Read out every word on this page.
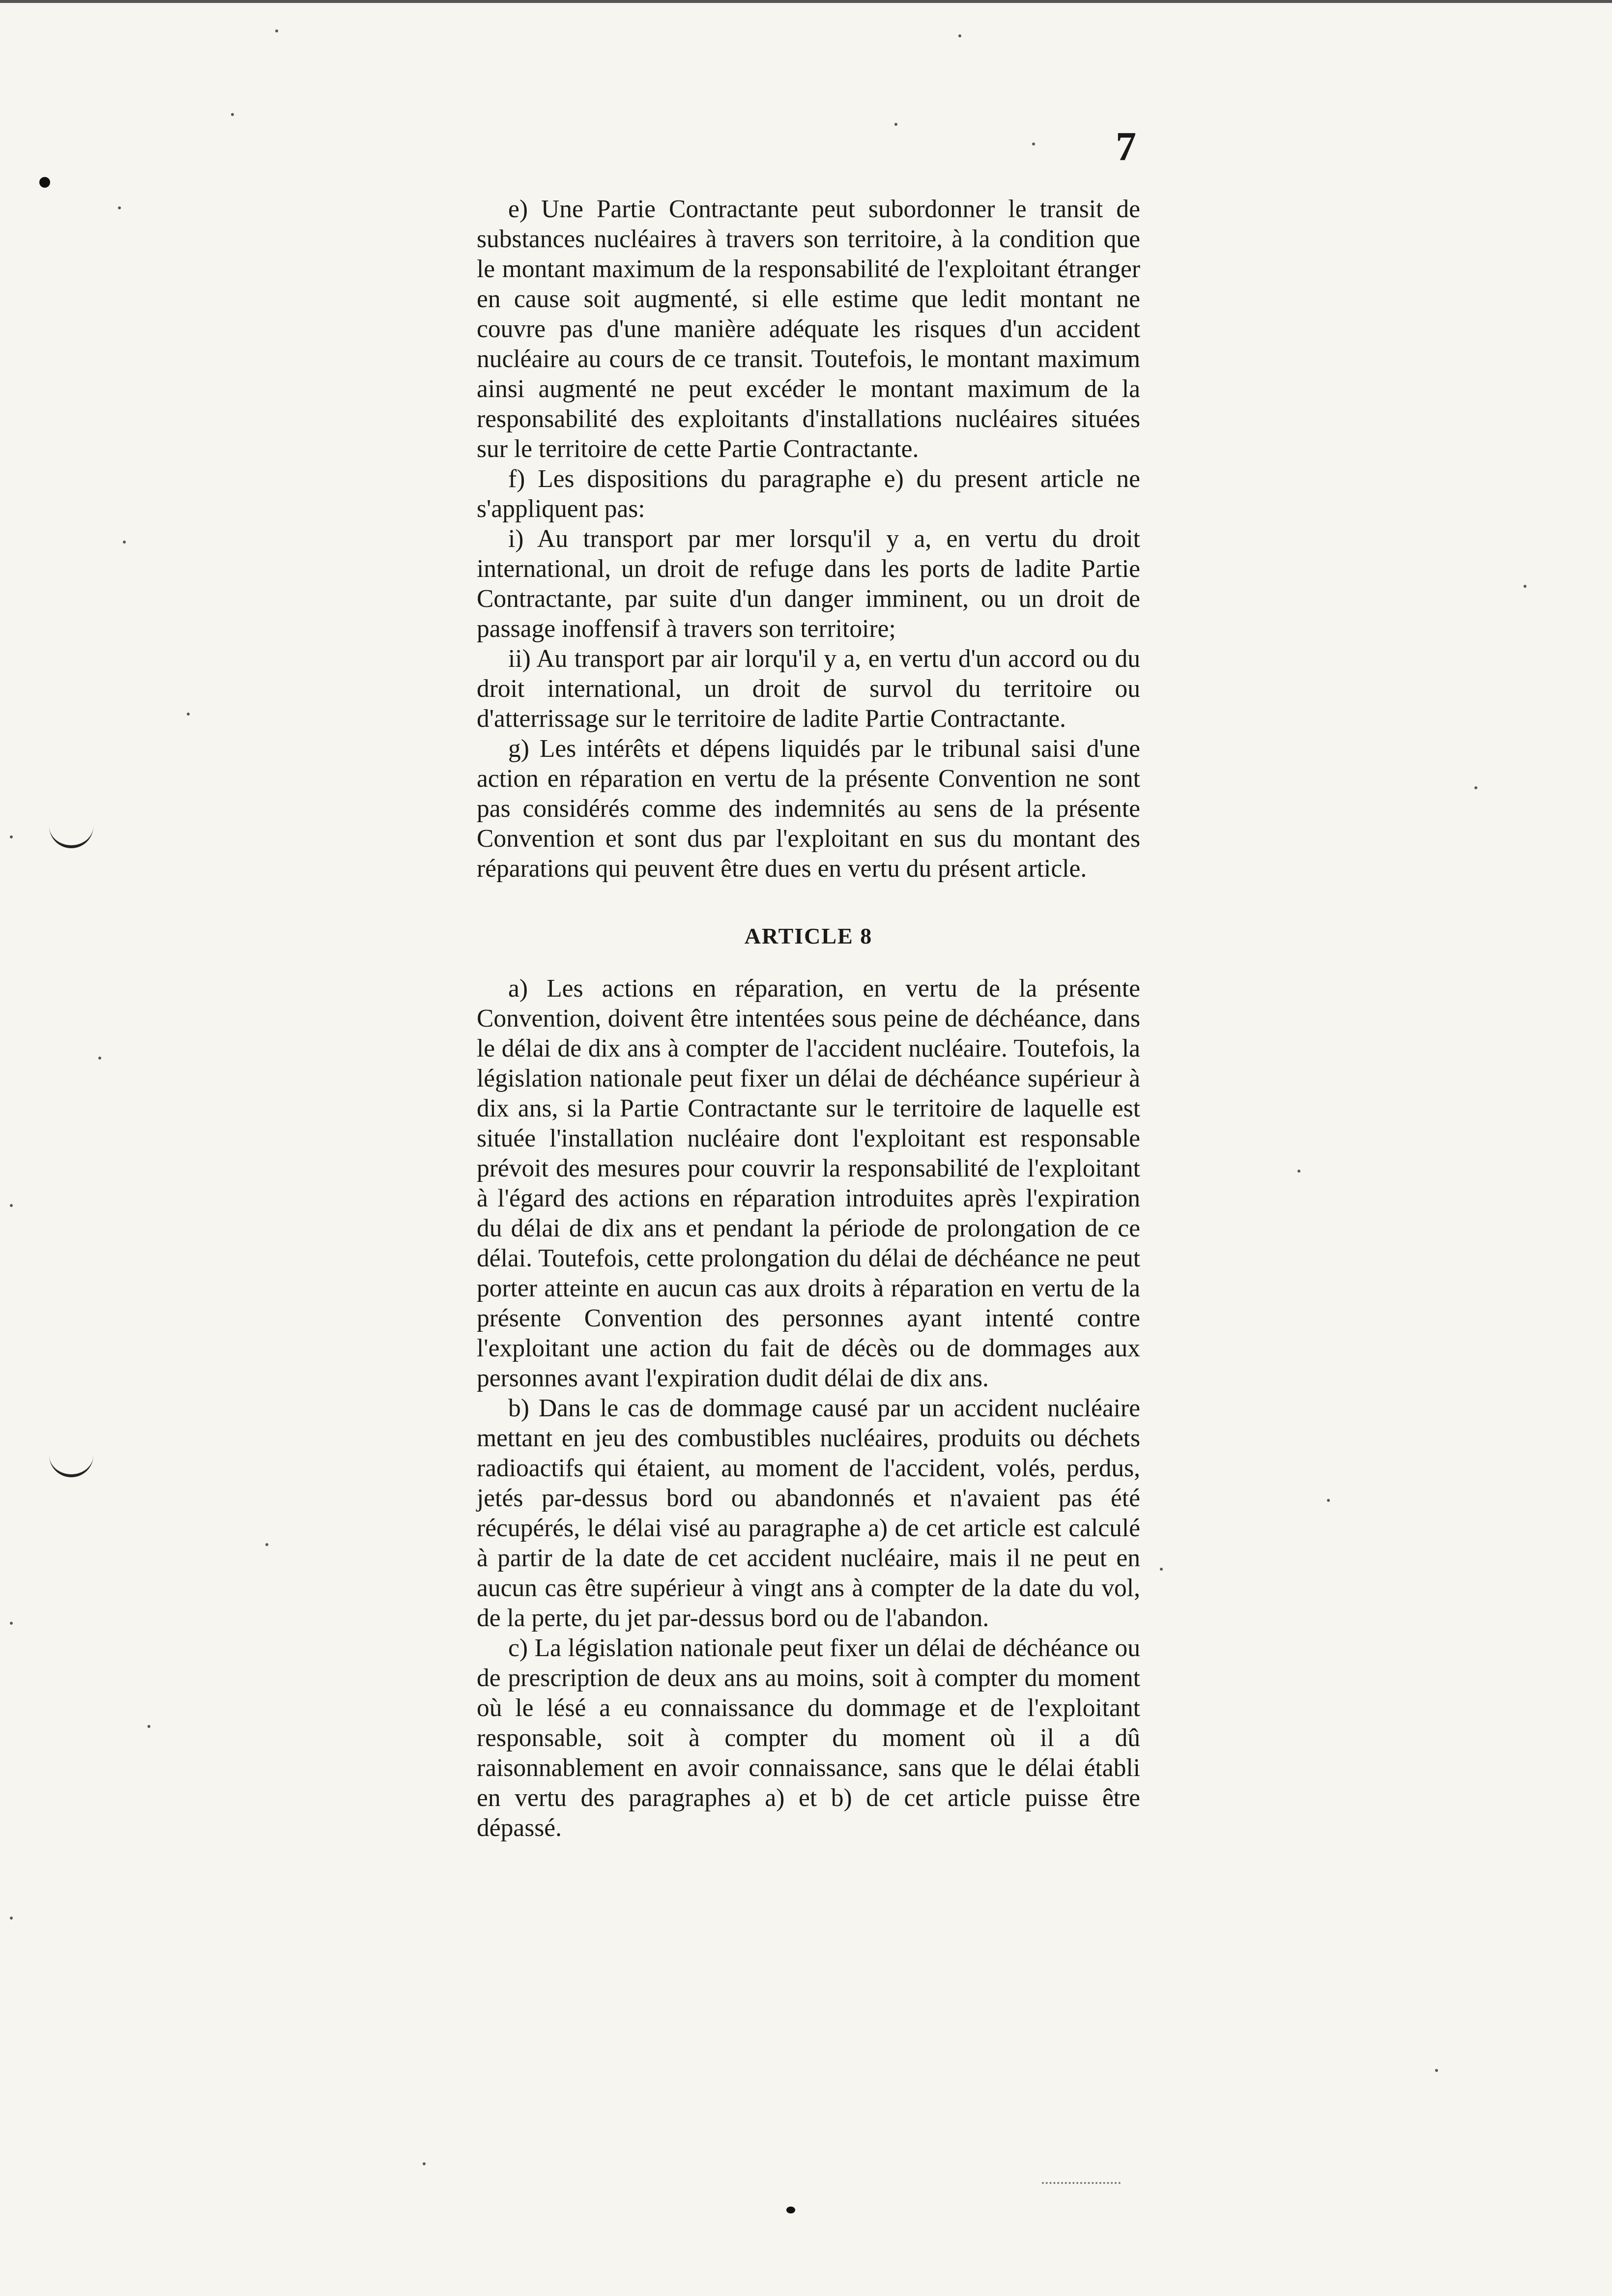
7

e) Une Partie Contractante peut subordonner le transit de substances nucléaires à travers son territoire, à la condition que le montant maximum de la responsabilité de l'exploitant étranger en cause soit augmenté, si elle estime que ledit montant ne couvre pas d'une manière adéquate les risques d'un accident nucléaire au cours de ce transit. Toutefois, le montant maximum ainsi augmenté ne peut excéder le montant maximum de la responsabilité des exploitants d'installations nucléaires situées sur le territoire de cette Partie Contractante.

f) Les dispositions du paragraphe e) du present article ne s'appliquent pas:

i) Au transport par mer lorsqu'il y a, en vertu du droit international, un droit de refuge dans les ports de ladite Partie Contractante, par suite d'un danger imminent, ou un droit de passage inoffensif à travers son territoire;

ii) Au transport par air lorqu'il y a, en vertu d'un accord ou du droit international, un droit de survol du territoire ou d'atterrissage sur le territoire de ladite Partie Contractante.

g) Les intérêts et dépens liquidés par le tribunal saisi d'une action en réparation en vertu de la présente Convention ne sont pas considérés comme des indemnités au sens de la présente Convention et sont dus par l'exploitant en sus du montant des réparations qui peuvent être dues en vertu du présent article.

ARTICLE 8

a) Les actions en réparation, en vertu de la présente Convention, doivent être intentées sous peine de déchéance, dans le délai de dix ans à compter de l'accident nucléaire. Toutefois, la législation nationale peut fixer un délai de déchéance supérieur à dix ans, si la Partie Contractante sur le territoire de laquelle est située l'installation nucléaire dont l'exploitant est responsable prévoit des mesures pour couvrir la responsabilité de l'exploitant à l'égard des actions en réparation introduites après l'expiration du délai de dix ans et pendant la période de prolongation de ce délai. Toutefois, cette prolongation du délai de déchéance ne peut porter atteinte en aucun cas aux droits à réparation en vertu de la présente Convention des personnes ayant intenté contre l'exploitant une action du fait de décès ou de dommages aux personnes avant l'expiration dudit délai de dix ans.

b) Dans le cas de dommage causé par un accident nucléaire mettant en jeu des combustibles nucléaires, produits ou déchets radioactifs qui étaient, au moment de l'accident, volés, perdus, jetés par-dessus bord ou abandonnés et n'avaient pas été récupérés, le délai visé au paragraphe a) de cet article est calculé à partir de la date de cet accident nucléaire, mais il ne peut en aucun cas être supérieur à vingt ans à compter de la date du vol, de la perte, du jet par-dessus bord ou de l'abandon.

c) La législation nationale peut fixer un délai de déchéance ou de prescription de deux ans au moins, soit à compter du moment où le lésé a eu connaissance du dommage et de l'exploitant responsable, soit à compter du moment où il a dû raisonnablement en avoir connaissance, sans que le délai établi en vertu des paragraphes a) et b) de cet article puisse être dépassé.
